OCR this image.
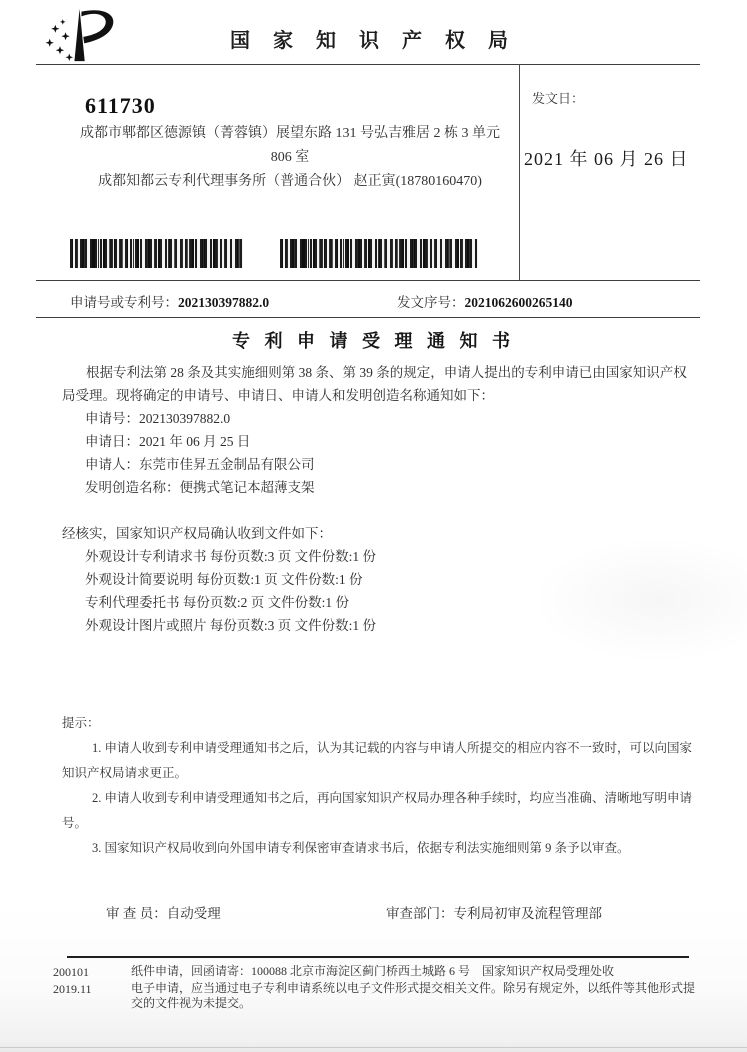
国 家 知 识 产 权 局
611730
成都市郫都区德源镇（菁蓉镇）展望东路 131 号弘吉雅居 2 栋 3 单元
806 室
成都知都云专利代理事务所（普通合伙） 赵正寅(18780160470)
发文日：
2021 年 06 月 26 日
申请号或专利号：202130397882.0	发文序号：2021062600265140
专 利 申 请 受 理 通 知 书

根据专利法第 28 条及其实施细则第 38 条、第 39 条的规定，申请人提出的专利申请已由国家知识产权局受理。现将确定的申请号、申请日、申请人和发明创造名称通知如下：

申请号：202130397882.0

申请日：2021 年 06 月 25 日

申请人：东莞市佳昇五金制品有限公司

发明创造名称：便携式笔记本超薄支架

经核实，国家知识产权局确认收到文件如下：

外观设计专利请求书 每份页数:3 页 文件份数:1 份

外观设计简要说明 每份页数:1 页 文件份数:1 份

专利代理委托书 每份页数:2 页 文件份数:1 份

外观设计图片或照片 每份页数:3 页 文件份数:1 份

提示：

1. 申请人收到专利申请受理通知书之后，认为其记载的内容与申请人所提交的相应内容不一致时，可以向国家知识产权局请求更正。

2. 申请人收到专利申请受理通知书之后，再向国家知识产权局办理各种手续时，均应当准确、清晰地写明申请号。

3. 国家知识产权局收到向外国申请专利保密审查请求书后，依据专利法实施细则第 9 条予以审查。

审 查 员：自动受理	审查部门：专利局初审及流程管理部
200101	纸件申请，回函请寄：100088 北京市海淀区蓟门桥西土城路 6 号　国家知识产权局受理处收
2019.11	电子申请，应当通过电子专利申请系统以电子文件形式提交相关文件。除另有规定外，以纸件等其他形式提交的文件视为未提交。
